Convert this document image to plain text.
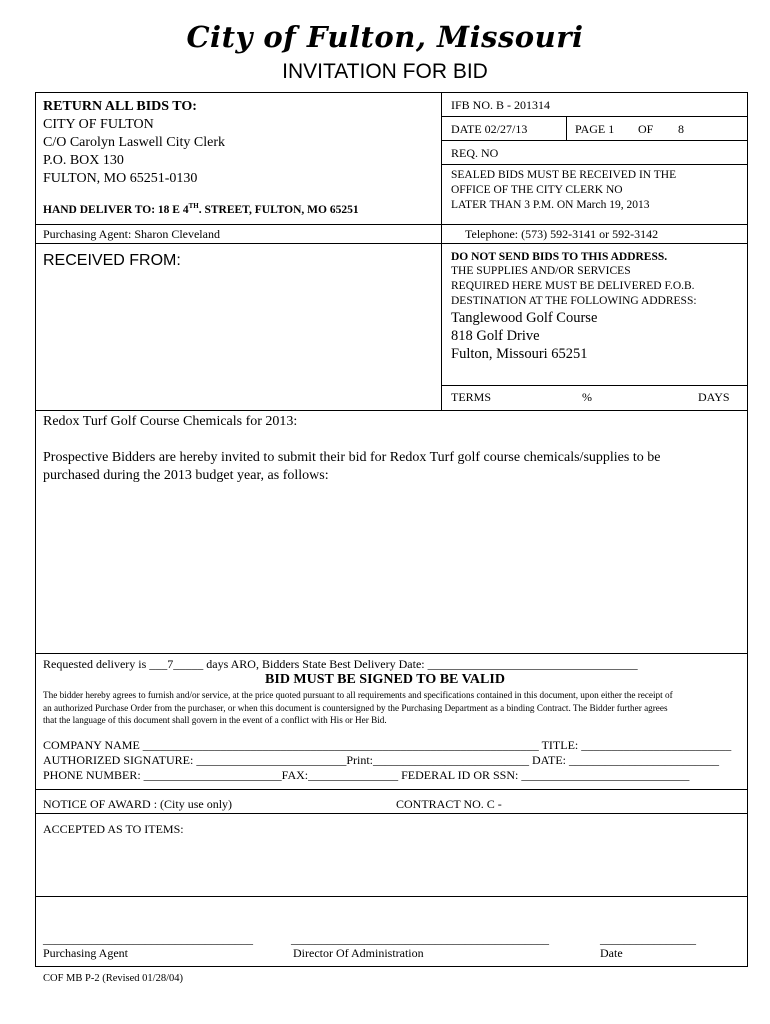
City of Fulton, Missouri
INVITATION FOR BID
RETURN ALL BIDS TO:
CITY OF FULTON
C/O Carolyn Laswell City Clerk
P.O. BOX 130
FULTON, MO 65251-0130
HAND DELIVER TO: 18 E 4TH. STREET, FULTON, MO 65251
Purchasing Agent: Sharon Cleveland
IFB NO. B - 201314
DATE 02/27/13	PAGE 1 OF 8
REQ. NO
SEALED BIDS MUST BE RECEIVED IN THE
OFFICE OF THE CITY CLERK NO
LATER THAN 3 P.M. ON March 19, 2013
Telephone: (573) 592-3141 or 592-3142
RECEIVED FROM:	DO NOT SEND BIDS TO THIS ADDRESS.
THE SUPPLIES AND/OR SERVICES
REQUIRED HERE MUST BE DELIVERED F.O.B.
DESTINATION AT THE FOLLOWING ADDRESS:
Tanglewood Golf Course
818 Golf Drive
Fulton, Missouri 65251
TERMS	%	DAYS
Redox Turf Golf Course Chemicals for 2013:
Prospective Bidders are hereby invited to submit their bid for Redox Turf golf course chemicals/supplies to be
purchased during the 2013 budget year, as follows:
Requested delivery is ___7_____ days ARO, Bidders State Best Delivery Date: ___________________________________
BID MUST BE SIGNED TO BE VALID
The bidder hereby agrees to furnish and/or service, at the price quoted pursuant to all requirements and specifications contained in this document, upon either the receipt of
an authorized Purchase Order from the purchaser, or when this document is countersigned by the Purchasing Department as a binding Contract. The Bidder further agrees
that the language of this document shall govern in the event of a conflict with His or Her Bid.
COMPANY NAME __________________________________________________________________ TITLE: _________________________
AUTHORIZED SIGNATURE: _________________________Print:__________________________ DATE: _________________________
PHONE NUMBER: _______________________FAX:_______________ FEDERAL ID OR SSN: ____________________________
NOTICE OF AWARD : (City use only)	CONTRACT NO. C -
ACCEPTED AS TO ITEMS:
___________________________________	___________________________________________	________________
Purchasing Agent	Director Of Administration	Date
COF MB P-2 (Revised 01/28/04)
